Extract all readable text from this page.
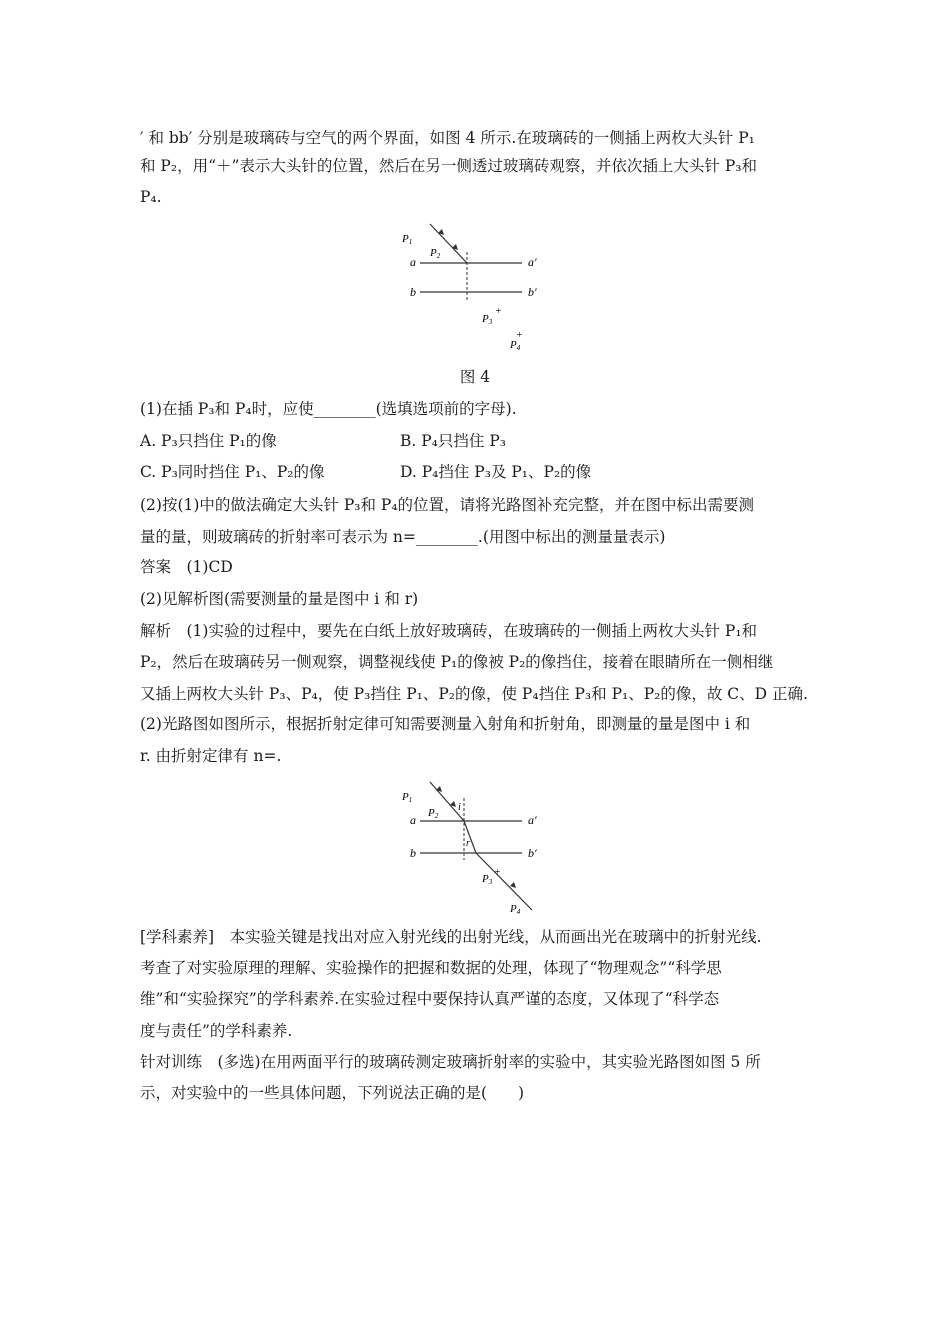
′ 和 bb′ 分别是玻璃砖与空气的两个界面，如图 4 所示.在玻璃砖的一侧插上两枚大头针 P₁
和 P₂，用“＋”表示大头针的位置，然后在另一侧透过玻璃砖观察，并依次插上大头针 P₃和
P₄.
P1
P2
a	a′
b	b′
P3
+
P4
+
图 4
(1)在插 P₃和 P₄时，应使________(选填选项前的字母).
A. P₃只挡住 P₁的像	B. P₄只挡住 P₃
C. P₃同时挡住 P₁、P₂的像	D. P₄挡住 P₃及 P₁、P₂的像
(2)按(1)中的做法确定大头针 P₃和 P₄的位置，请将光路图补充完整，并在图中标出需要测
量的量，则玻璃砖的折射率可表示为 n=________.(用图中标出的测量量表示)
答案　(1)CD
(2)见解析图(需要测量的量是图中 i 和 r)
解析　(1)实验的过程中，要先在白纸上放好玻璃砖，在玻璃砖的一侧插上两枚大头针 P₁和
P₂，然后在玻璃砖另一侧观察，调整视线使 P₁的像被 P₂的像挡住，接着在眼睛所在一侧相继
又插上两枚大头针 P₃、P₄，使 P₃挡住 P₁、P₂的像，使 P₄挡住 P₃和 P₁、P₂的像，故 C、D 正确.
(2)光路图如图所示，根据折射定律可知需要测量入射角和折射角，即测量的量是图中 i 和
r. 由折射定律有 n=.
P1
P2
i
r
a	a′
b	b′
P3
+
P4
[学科素养]　本实验关键是找出对应入射光线的出射光线，从而画出光在玻璃中的折射光线.
考查了对实验原理的理解、实验操作的把握和数据的处理，体现了“物理观念”“科学思
维”和“实验探究”的学科素养.在实验过程中要保持认真严谨的态度，又体现了“科学态
度与责任”的学科素养.
针对训练　(多选)在用两面平行的玻璃砖测定玻璃折射率的实验中，其实验光路图如图 5 所
示，对实验中的一些具体问题，下列说法正确的是(　　)
